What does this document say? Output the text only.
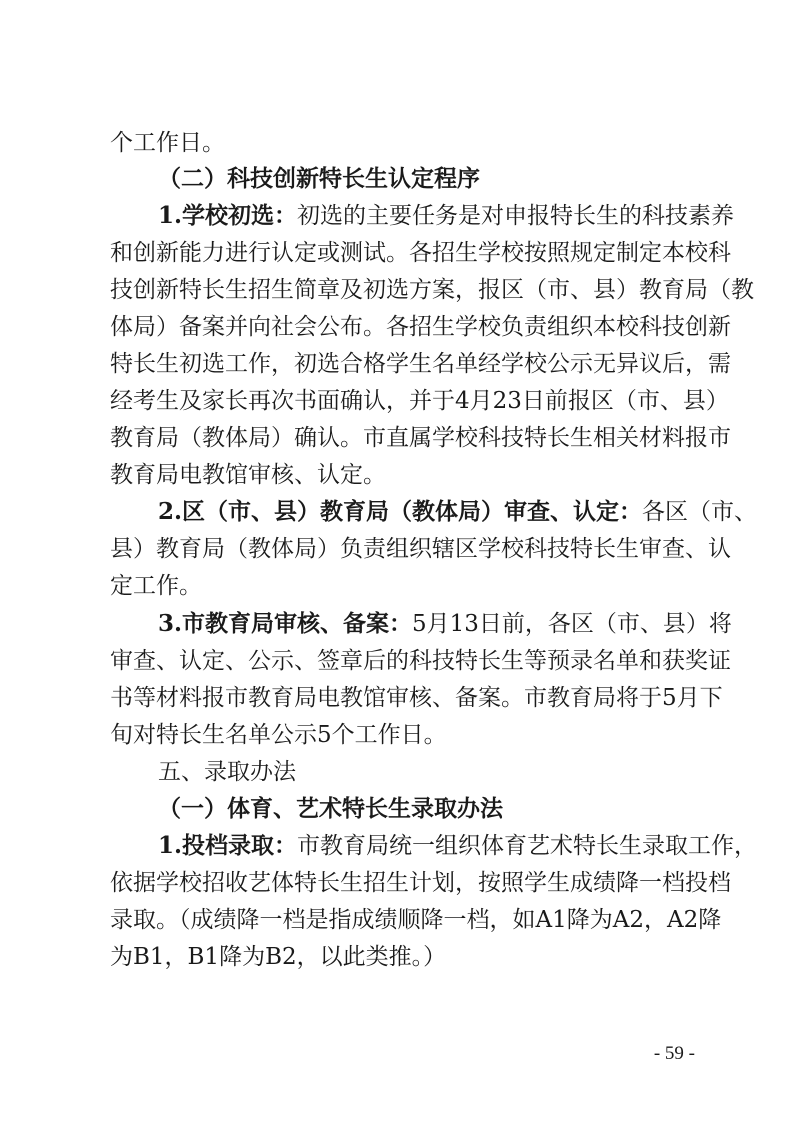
个工作日。
（二）科技创新特长生认定程序
1.学校初选：初选的主要任务是对申报特长生的科技素养
和创新能力进行认定或测试。各招生学校按照规定制定本校科
技创新特长生招生简章及初选方案，报区（市、县）教育局（教
体局）备案并向社会公布。各招生学校负责组织本校科技创新
特长生初选工作，初选合格学生名单经学校公示无异议后，需
经考生及家长再次书面确认，并于4月23日前报区（市、县）
教育局（教体局）确认。市直属学校科技特长生相关材料报市
教育局电教馆审核、认定。
2.区（市、县）教育局（教体局）审查、认定：各区（市、
县）教育局（教体局）负责组织辖区学校科技特长生审查、认
定工作。
3.市教育局审核、备案：5月13日前，各区（市、县）将
审查、认定、公示、签章后的科技特长生等预录名单和获奖证
书等材料报市教育局电教馆审核、备案。市教育局将于5月下
旬对特长生名单公示5个工作日。
五、录取办法
（一）体育、艺术特长生录取办法
1.投档录取：市教育局统一组织体育艺术特长生录取工作，
依据学校招收艺体特长生招生计划，按照学生成绩降一档投档
录取。（成绩降一档是指成绩顺降一档，如A1降为A2，A2降
为B1，B1降为B2，以此类推。）
- 59 -
